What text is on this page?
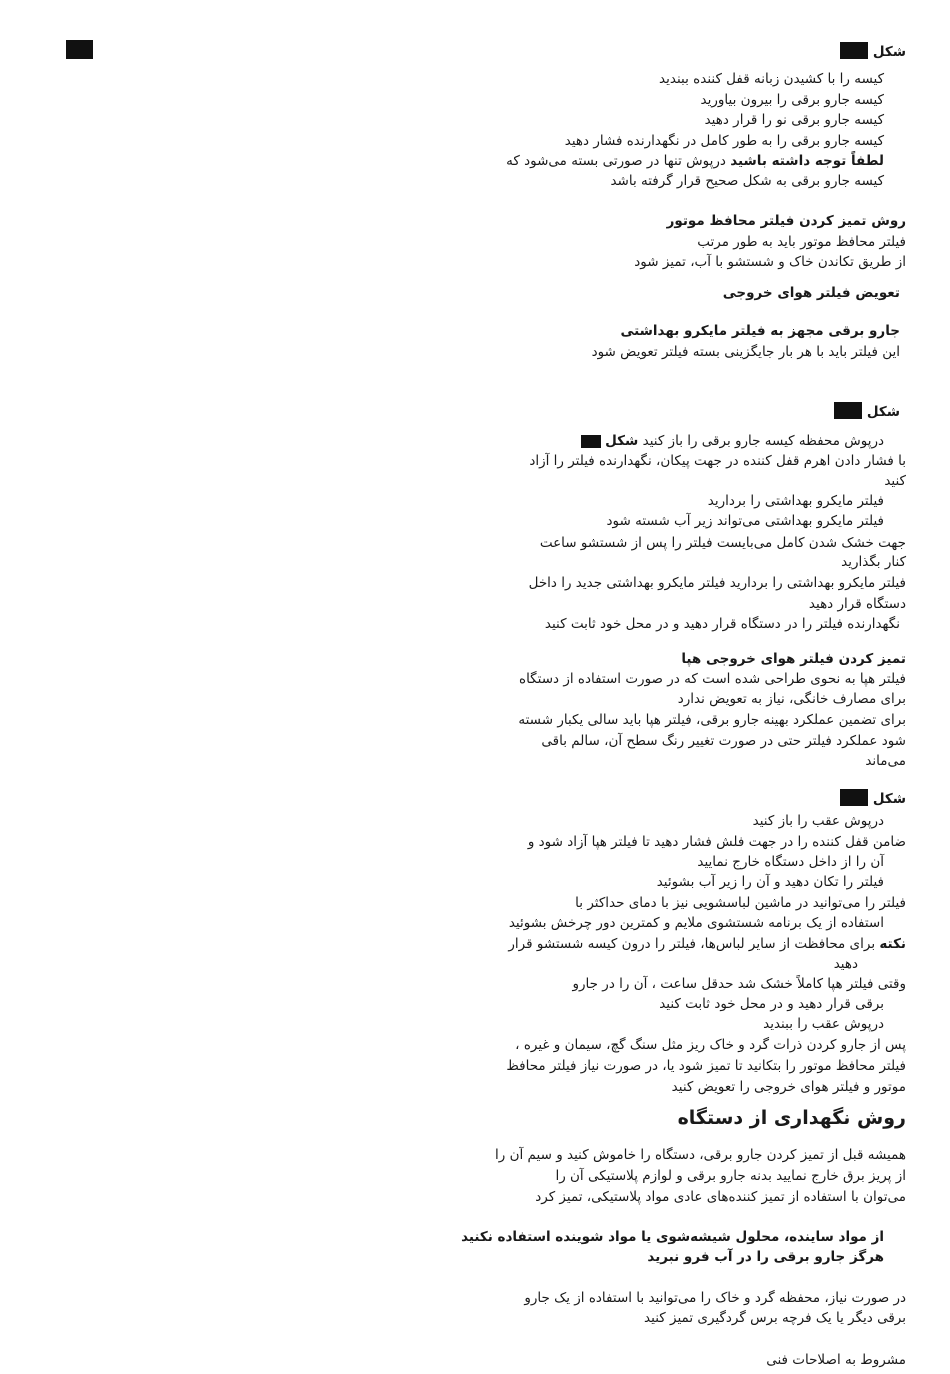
شکل
کیسه را با کشیدن زبانه قفل کننده ببندید
کیسه جارو برقی را بیرون بیاورید
کیسه جارو برقی نو را قرار دهید
کیسه جارو برقی را به طور کامل در نگهدارنده فشار دهید
لطفاً توجه داشته باشید درپوش تنها در صورتی بسته می‌شود که
کیسه جارو برقی به شکل صحیح قرار گرفته باشد
روش تمیز کردن فیلتر محافظ موتور
فیلتر محافظ موتور باید به طور مرتب
از طریق تکاندن خاک و شستشو با آب، تمیز شود
تعویض فیلتر هوای خروجی
جارو برقی مجهز به فیلتر مایکرو بهداشتی
این فیلتر باید با هر بار جایگزینی بسته فیلتر تعویض شود
شکل
درپوش محفظه کیسه جارو برقی را باز کنید شکل
با فشار دادن اهرم قفل کننده در جهت پیکان، نگهدارنده فیلتر را آزاد
کنید
فیلتر مایکرو بهداشتی را بردارید
فیلتر مایکرو بهداشتی می‌تواند زیر آب شسته شود
جهت خشک شدن کامل می‌بایست فیلتر را پس از شستشو ساعت
کنار بگذارید
فیلتر مایکرو بهداشتی را بردارید فیلتر مایکرو بهداشتی جدید را داخل
دستگاه قرار دهید
نگهدارنده فیلتر را در دستگاه قرار دهید و در محل خود ثابت کنید
تمیز کردن فیلتر هوای خروجی هپا
فیلتر هپا به نحوی طراحی شده است که در صورت استفاده از دستگاه
برای مصارف خانگی، نیاز به تعویض ندارد
برای تضمین عملکرد بهینه جارو برقی، فیلتر هپا باید سالی یکبار شسته
شود عملکرد فیلتر حتی در صورت تغییر رنگ سطح آن، سالم باقی
می‌ماند
شکل
درپوش عقب را باز کنید
ضامن قفل کننده را در جهت فلش فشار دهید تا فیلتر هپا آزاد شود و
آن را از داخل دستگاه خارج نمایید
فیلتر را تکان دهید و آن را زیر آب بشوئید
فیلتر را می‌توانید در ماشین لباسشویی نیز با دمای حداکثر با
استفاده از یک برنامه شستشوی ملایم و کمترین دور چرخش بشوئید
نکته برای محافظت از سایر لباس‌ها، فیلتر را درون کیسه شستشو قرار
دهید
وقتی فیلتر هپا کاملاً خشک شد حدقل ساعت ، آن را در جارو
برقی قرار دهید و در محل خود ثابت کنید
درپوش عقب را ببندید
پس از جارو کردن ذرات گرد و خاک ریز مثل سنگ گچ، سیمان و غیره ،
فیلتر محافظ موتور را بتکانید تا تمیز شود یا، در صورت نیاز فیلتر محافظ
موتور و فیلتر هوای خروجی را تعویض کنید
روش نگهداری از دستگاه
همیشه قبل از تمیز کردن جارو برقی، دستگاه را خاموش کنید و سیم آن را
از پریز برق خارج نمایید بدنه جارو برقی و لوازم پلاستیکی آن را
می‌توان با استفاده از تمیز کننده‌های عادی مواد پلاستیکی، تمیز کرد
از مواد ساینده، محلول شیشه‌شوی یا مواد شوینده استفاده نکنید
هرگز جارو برقی را در آب فرو نبرید
در صورت نیاز، محفظه گرد و خاک را می‌توانید با استفاده از یک جارو
برقی دیگر یا یک فرچه برس گردگیری تمیز کنید
مشروط به اصلاحات فنی
